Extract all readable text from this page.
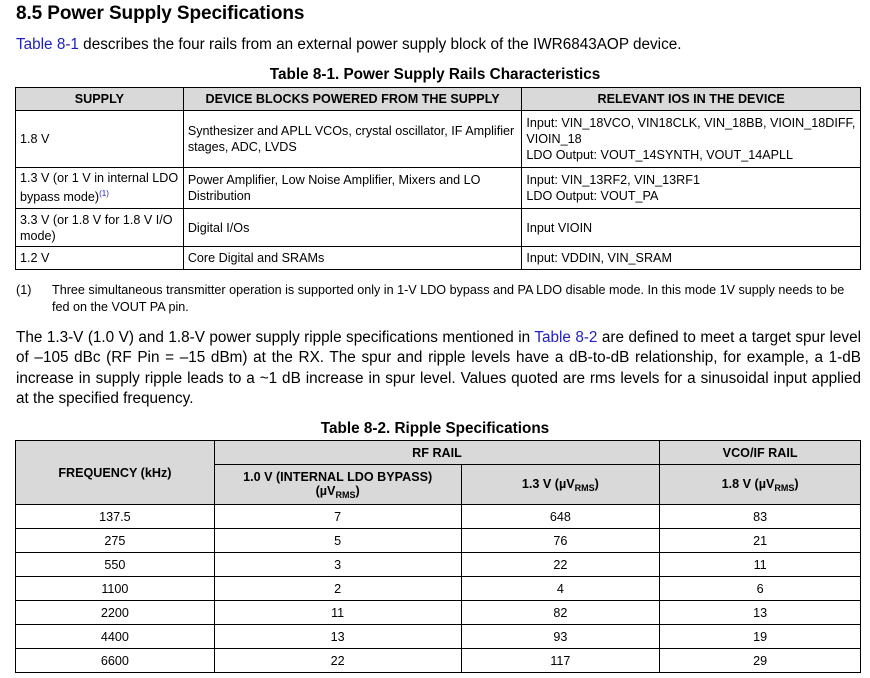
8.5 Power Supply Specifications

Table 8-1 describes the four rails from an external power supply block of the IWR6843AOP device.

Table 8-1. Power Supply Rails Characteristics
SUPPLY	DEVICE BLOCKS POWERED FROM THE SUPPLY	RELEVANT IOS IN THE DEVICE
1.8 V	Synthesizer and APLL VCOs, crystal oscillator, IF Amplifier stages, ADC, LVDS	Input: VIN_18VCO, VIN18CLK, VIN_18BB, VIOIN_18DIFF, VIOIN_18
LDO Output: VOUT_14SYNTH, VOUT_14APLL

1.3 V (or 1 V in internal LDO bypass mode)$^{(1)}$	Power Amplifier, Low Noise Amplifier, Mixers and LO Distribution	Input: VIN_13RF2, VIN_13RF1
LDO Output: VOUT_PA

3.3 V (or 1.8 V for 1.8 V I/O mode)	Digital I/Os	Input VIOIN

1.2 V	Core Digital and SRAMs	Input: VDDIN, VIN_SRAM
(1) Three simultaneous transmitter operation is supported only in 1-V LDO bypass and PA LDO disable mode. In this mode 1V supply needs to be fed on the VOUT PA pin.

The 1.3-V (1.0 V) and 1.8-V power supply ripple specifications mentioned in Table 8-2 are defined to meet a target spur level of –105 dBc (RF Pin = –15 dBm) at the RX. The spur and ripple levels have a dB-to-dB relationship, for example, a 1-dB increase in supply ripple leads to a ~1 dB increase in spur level. Values quoted are rms levels for a sinusoidal input applied at the specified frequency.

Table 8-2. Ripple Specifications
FREQUENCY (kHz)	RF RAIL		VCO/IF RAIL

	1.0 V (INTERNAL LDO BYPASS)
(µV$_{RMS}$)	1.3 V (µV$_{RMS}$)	1.8 V (µV$_{RMS}$)
137.5	7	648	83
275	5	76	21
550	3	22	11
1100	2	4	6
2200	11	82	13
4400	13	93	19
6600	22	117	29
